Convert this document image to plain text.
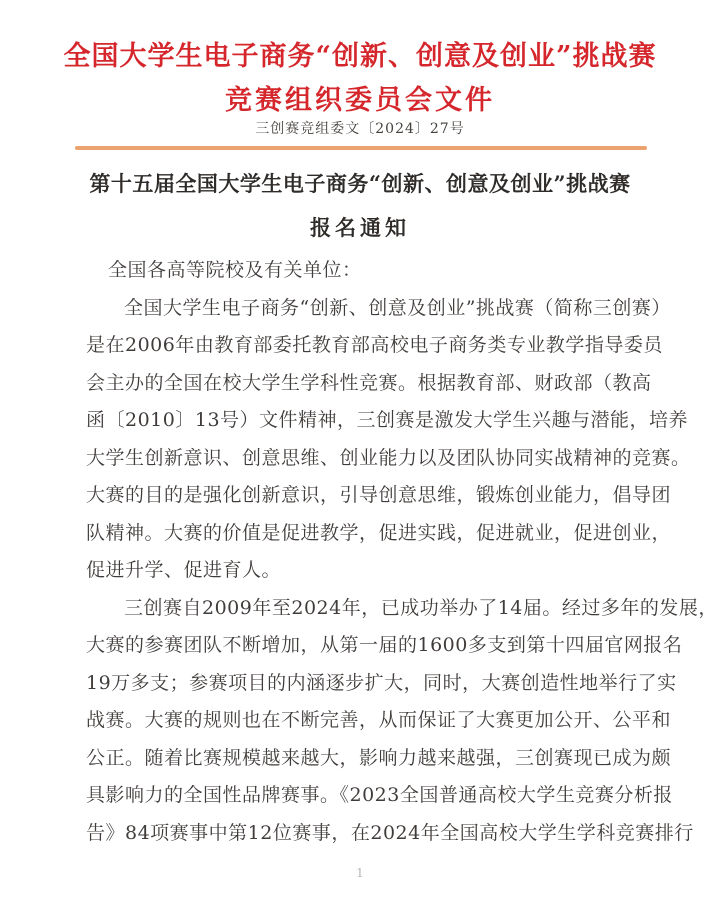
全国大学生电子商务“创新、创意及创业”挑战赛
竞赛组织委员会文件
三创赛竞组委文〔2024〕27号
第十五届全国大学生电子商务“创新、创意及创业”挑战赛
报名通知
全国各高等院校及有关单位：
全国大学生电子商务“创新、创意及创业”挑战赛（简称三创赛）
是在2006年由教育部委托教育部高校电子商务类专业教学指导委员
会主办的全国在校大学生学科性竞赛。根据教育部、财政部（教高
函〔2010〕13号）文件精神，三创赛是激发大学生兴趣与潜能，培养
大学生创新意识、创意思维、创业能力以及团队协同实战精神的竞赛。
大赛的目的是强化创新意识，引导创意思维，锻炼创业能力，倡导团
队精神。大赛的价值是促进教学，促进实践，促进就业，促进创业，
促进升学、促进育人。
三创赛自2009年至2024年，已成功举办了14届。经过多年的发展，
大赛的参赛团队不断增加，从第一届的1600多支到第十四届官网报名
19万多支；参赛项目的内涵逐步扩大，同时，大赛创造性地举行了实
战赛。大赛的规则也在不断完善，从而保证了大赛更加公开、公平和
公正。随着比赛规模越来越大，影响力越来越强，三创赛现已成为颇
具影响力的全国性品牌赛事。《2023全国普通高校大学生竞赛分析报
告》84项赛事中第12位赛事，在2024年全国高校大学生学科竞赛排行
1
